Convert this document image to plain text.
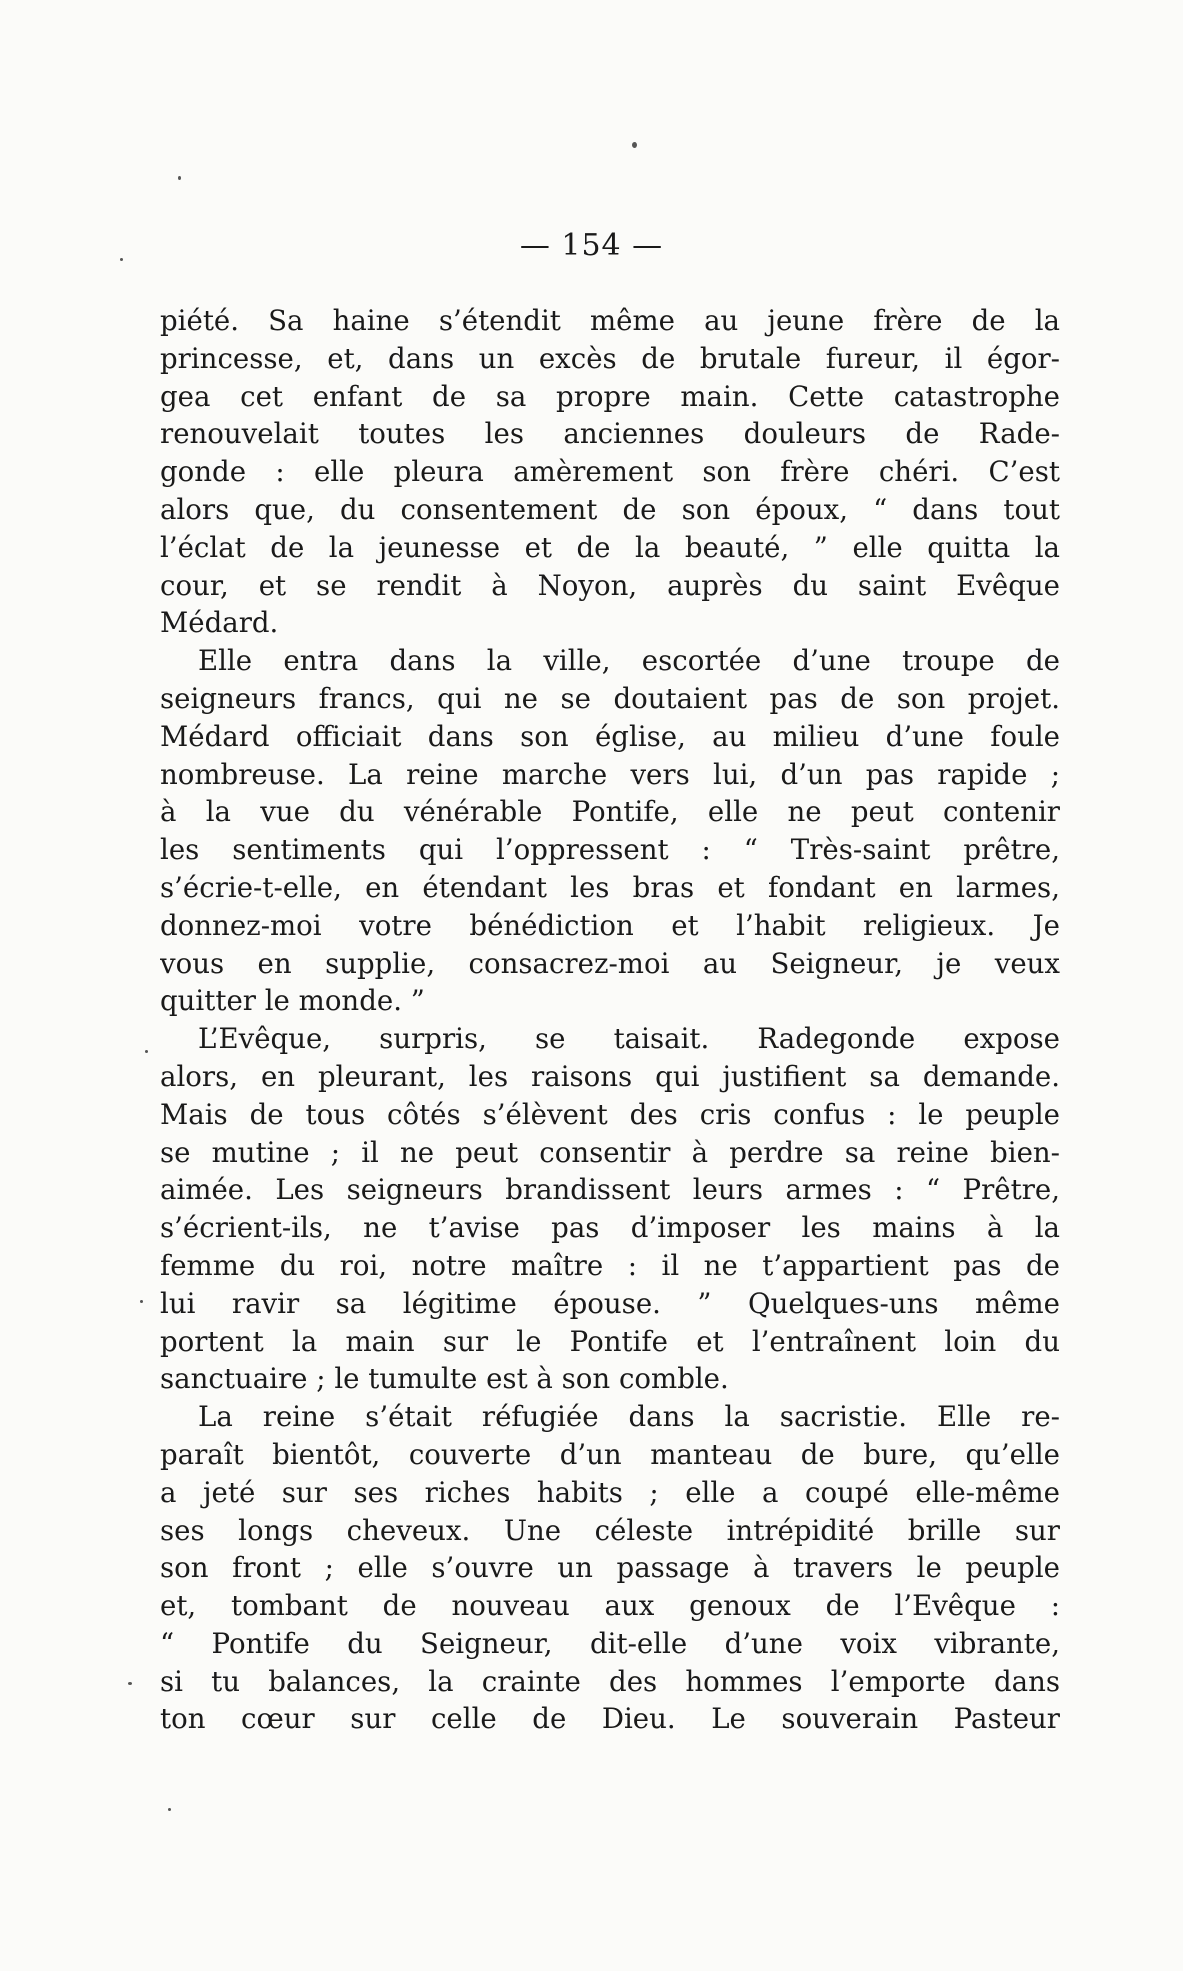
— 154 —
piété. Sa haine s’étendit même au jeune frère de la
princesse, et, dans un excès de brutale fureur, il égor-
gea cet enfant de sa propre main. Cette catastrophe
renouvelait toutes les anciennes douleurs de Rade-
gonde : elle pleura amèrement son frère chéri. C’est
alors que, du consentement de son époux, “ dans tout
l’éclat de la jeunesse et de la beauté, ” elle quitta la
cour, et se rendit à Noyon, auprès du saint Evêque
Médard.
Elle entra dans la ville, escortée d’une troupe de
seigneurs francs, qui ne se doutaient pas de son projet.
Médard officiait dans son église, au milieu d’une foule
nombreuse. La reine marche vers lui, d’un pas rapide ;
à la vue du vénérable Pontife, elle ne peut contenir
les sentiments qui l’oppressent : “ Très-saint prêtre,
s’écrie-t-elle, en étendant les bras et fondant en larmes,
donnez-moi votre bénédiction et l’habit religieux. Je
vous en supplie, consacrez-moi au Seigneur, je veux
quitter le monde. ”
L’Evêque, surpris, se taisait. Radegonde expose
alors, en pleurant, les raisons qui justifient sa demande.
Mais de tous côtés s’élèvent des cris confus : le peuple
se mutine ; il ne peut consentir à perdre sa reine bien-
aimée. Les seigneurs brandissent leurs armes : “ Prêtre,
s’écrient-ils, ne t’avise pas d’imposer les mains à la
femme du roi, notre maître : il ne t’appartient pas de
lui ravir sa légitime épouse. ” Quelques-uns même
portent la main sur le Pontife et l’entraînent loin du
sanctuaire ; le tumulte est à son comble.
La reine s’était réfugiée dans la sacristie. Elle re-
paraît bientôt, couverte d’un manteau de bure, qu’elle
a jeté sur ses riches habits ; elle a coupé elle-même
ses longs cheveux. Une céleste intrépidité brille sur
son front ; elle s’ouvre un passage à travers le peuple
et, tombant de nouveau aux genoux de l’Evêque :
“ Pontife du Seigneur, dit-elle d’une voix vibrante,
si tu balances, la crainte des hommes l’emporte dans
ton cœur sur celle de Dieu. Le souverain Pasteur
